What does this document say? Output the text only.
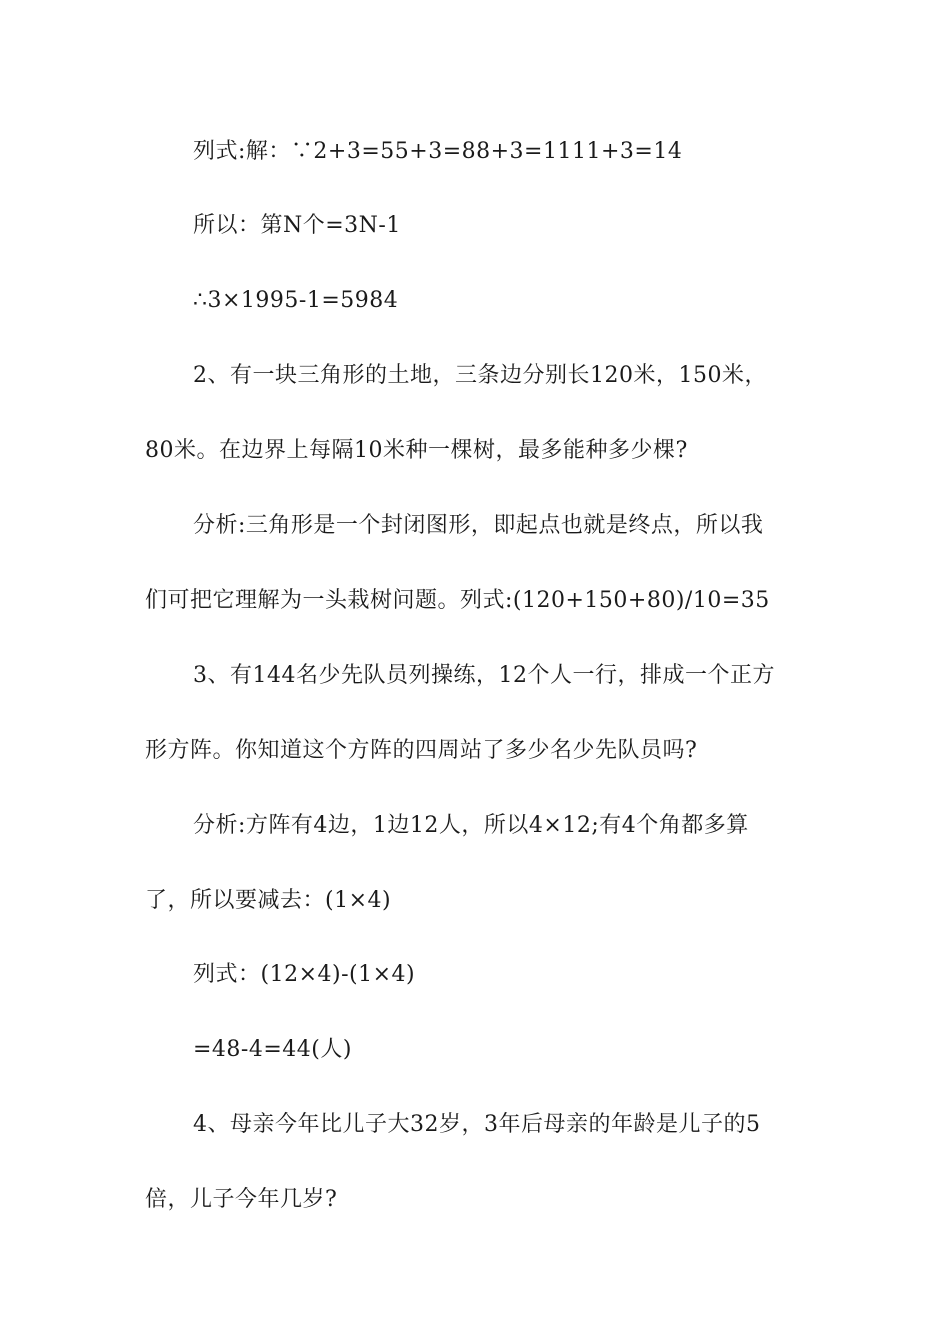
列式:解：∵2+3=55+3=88+3=1111+3=14
所以：第N个=3N-1
∴3×1995-1=5984
2、有一块三角形的土地，三条边分别长120米，150米，
80米。在边界上每隔10米种一棵树，最多能种多少棵?
分析:三角形是一个封闭图形，即起点也就是终点，所以我
们可把它理解为一头栽树问题。列式:(120+150+80)/10=35
3、有144名少先队员列操练，12个人一行，排成一个正方
形方阵。你知道这个方阵的四周站了多少名少先队员吗?
分析:方阵有4边，1边12人，所以4×12;有4个角都多算
了，所以要减去：(1×4)
列式：(12×4)-(1×4)
=48-4=44(人)
4、母亲今年比儿子大32岁，3年后母亲的年龄是儿子的5
倍，儿子今年几岁?
